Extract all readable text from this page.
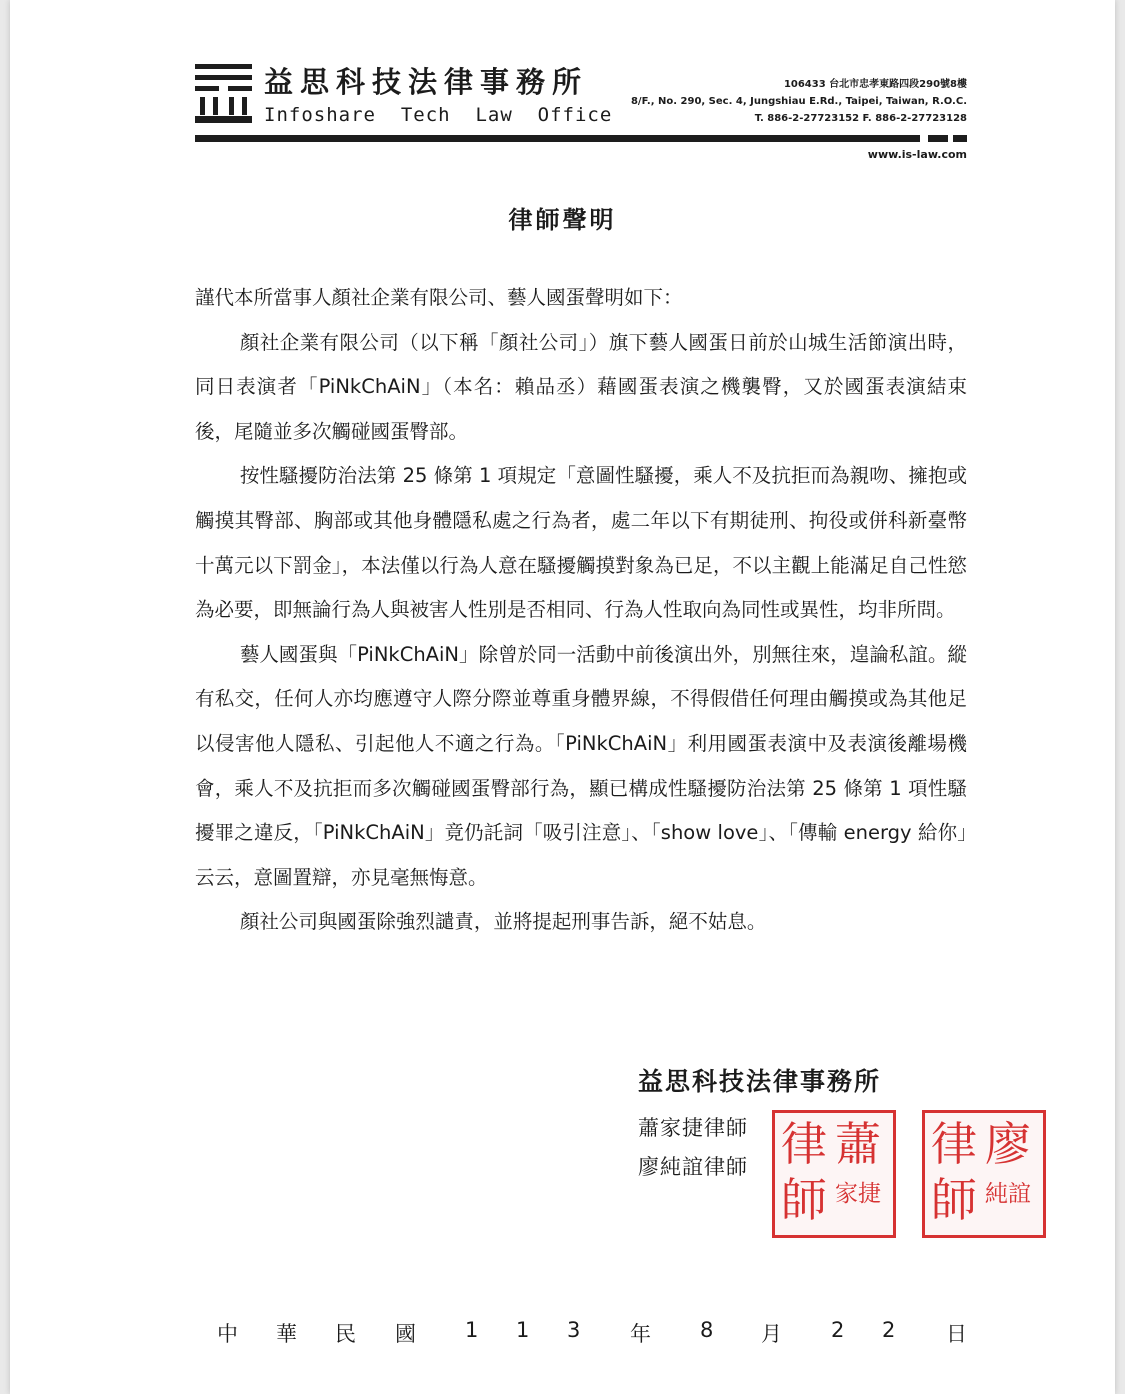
益思科技法律事務所
Infoshare  Tech  Law  Office
106433 台北市忠孝東路四段290號8樓
8/F., No. 290, Sec. 4, Jungshiau E.Rd., Taipei, Taiwan, R.O.C.
T. 886-2-27723152 F. 886-2-27723128
www.is-law.com
律師聲明

謹代本所當事人顏社企業有限公司、藝人國蛋聲明如下：

顏社企業有限公司（以下稱「顏社公司」）旗下藝人國蛋日前於山城生活節演出時，同日表演者「PiNkChAiN」（本名：賴品丞）藉國蛋表演之機襲臀，又於國蛋表演結束後，尾隨並多次觸碰國蛋臀部。

按性騷擾防治法第 25 條第 1 項規定「意圖性騷擾，乘人不及抗拒而為親吻、擁抱或觸摸其臀部、胸部或其他身體隱私處之行為者，處二年以下有期徒刑、拘役或併科新臺幣十萬元以下罰金」，本法僅以行為人意在騷擾觸摸對象為已足，不以主觀上能滿足自己性慾為必要，即無論行為人與被害人性別是否相同、行為人性取向為同性或異性，均非所問。

藝人國蛋與「PiNkChAiN」除曾於同一活動中前後演出外，別無往來，遑論私誼。縱有私交，任何人亦均應遵守人際分際並尊重身體界線，不得假借任何理由觸摸或為其他足以侵害他人隱私、引起他人不適之行為。「PiNkChAiN」利用國蛋表演中及表演後離場機會，乘人不及抗拒而多次觸碰國蛋臀部行為，顯已構成性騷擾防治法第 25 條第 1 項性騷擾罪之違反，「PiNkChAiN」竟仍託詞「吸引注意」、「show love」、「傳輸 energy 給你」云云，意圖置辯，亦見毫無悔意。

顏社公司與國蛋除強烈譴責，並將提起刑事告訴，絕不姑息。

益思科技法律事務所
蕭家捷律師
廖純誼律師 律 蕭
師 家捷
律 廖
師 純誼
中 華 民 國 1 1 3 年 8 月 2 2 日
